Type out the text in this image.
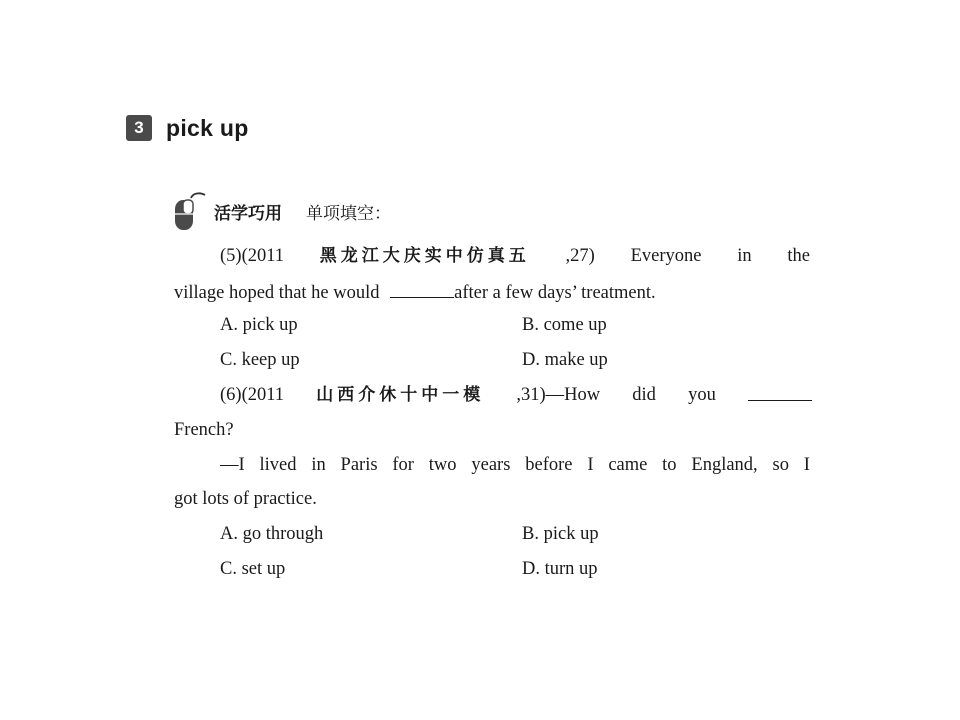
3 pick up
活学巧用 单项填空：
(5)(2011 黑龙江大庆实中仿真五 ,27) Everyone in the
village hoped that he would	after a few days’ treatment.
A. pick up	B. come up
C. keep up	D. make up
(6)(2011 山西介休十中一模 ,31)—How did you
French?
—I lived in Paris for two years before I came to England, so I
got lots of practice.
A. go through	B. pick up
C. set up	D. turn up
